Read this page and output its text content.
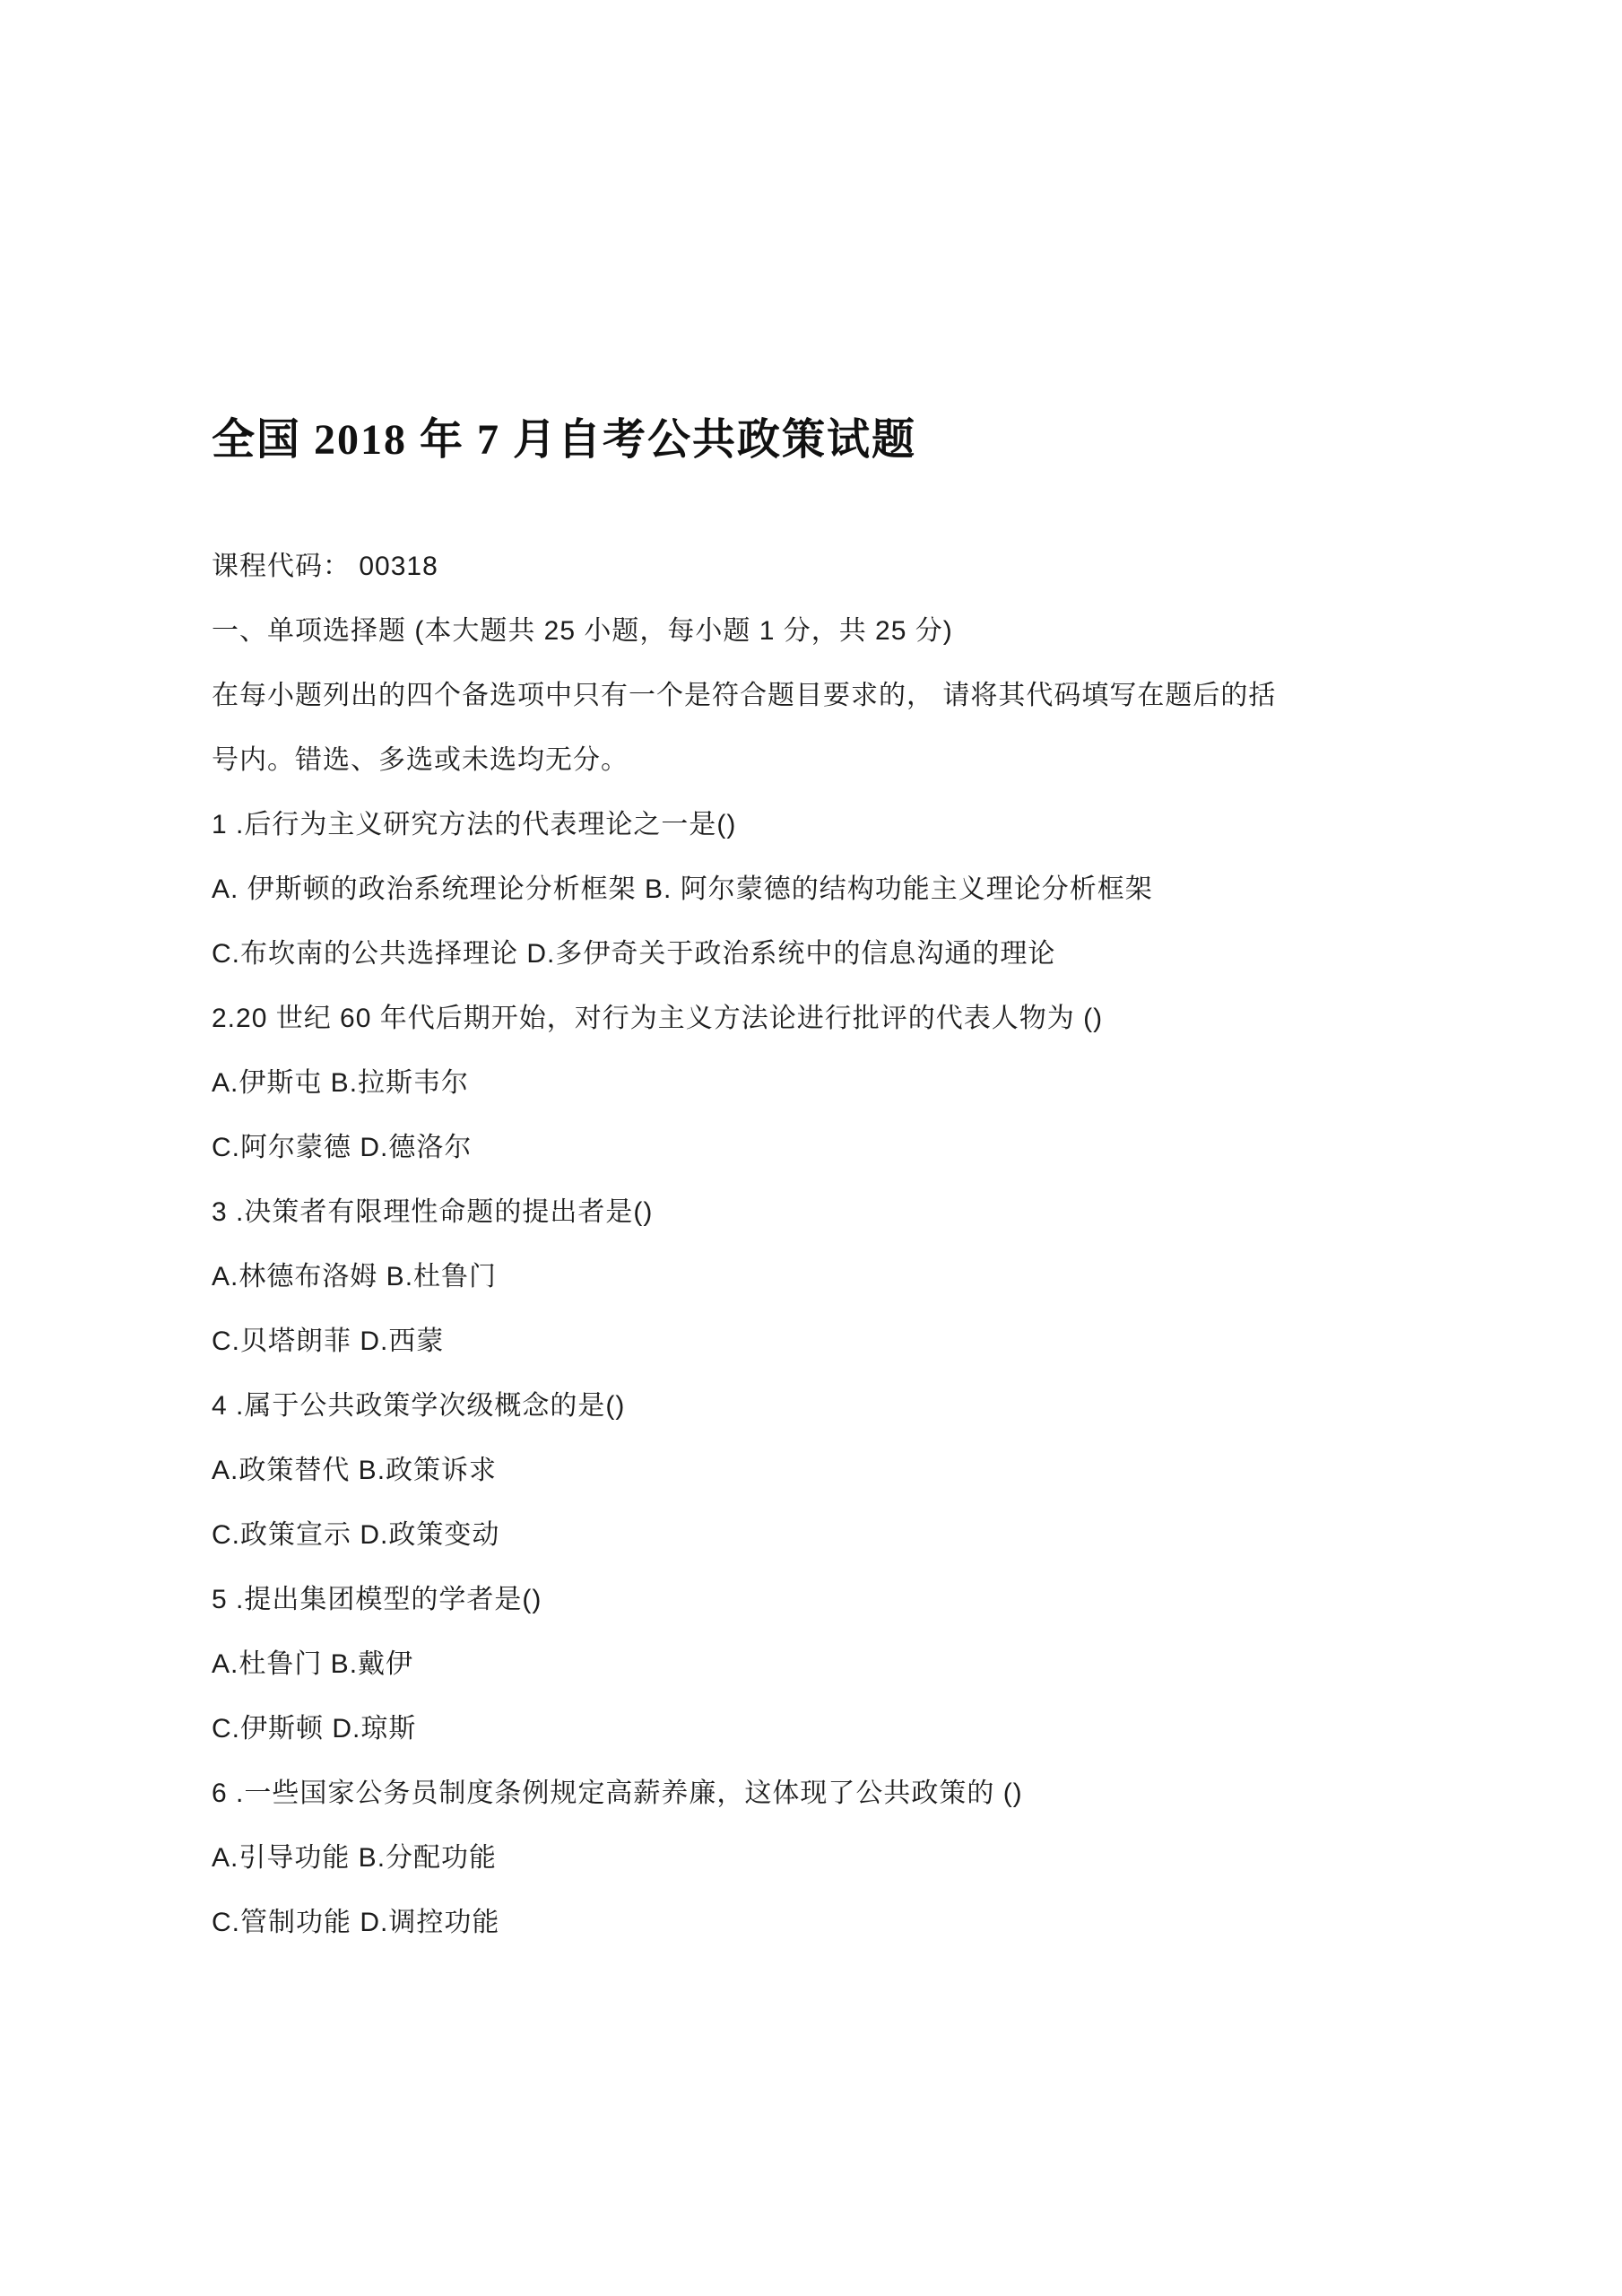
全国 2018 年 7 月自考公共政策试题

课程代码： 00318

一、单项选择题 (本大题共 25 小题，每小题 1 分，共 25 分)

在每小题列出的四个备选项中只有一个是符合题目要求的， 请将其代码填写在题后的括

号内。错选、多选或未选均无分。

1 .后行为主义研究方法的代表理论之一是()

A. 伊斯顿的政治系统理论分析框架 B. 阿尔蒙德的结构功能主义理论分析框架

C.布坎南的公共选择理论 D.多伊奇关于政治系统中的信息沟通的理论

2.20 世纪 60 年代后期开始，对行为主义方法论进行批评的代表人物为 ()

A.伊斯屯 B.拉斯韦尔

C.阿尔蒙德 D.德洛尔

3 .决策者有限理性命题的提出者是()

A.林德布洛姆 B.杜鲁门

C.贝塔朗菲 D.西蒙

4 .属于公共政策学次级概念的是()

A.政策替代 B.政策诉求

C.政策宣示 D.政策变动

5 .提出集团模型的学者是()

A.杜鲁门 B.戴伊

C.伊斯顿 D.琼斯

6 .一些国家公务员制度条例规定高薪养廉，这体现了公共政策的 ()

A.引导功能 B.分配功能

C.管制功能 D.调控功能
